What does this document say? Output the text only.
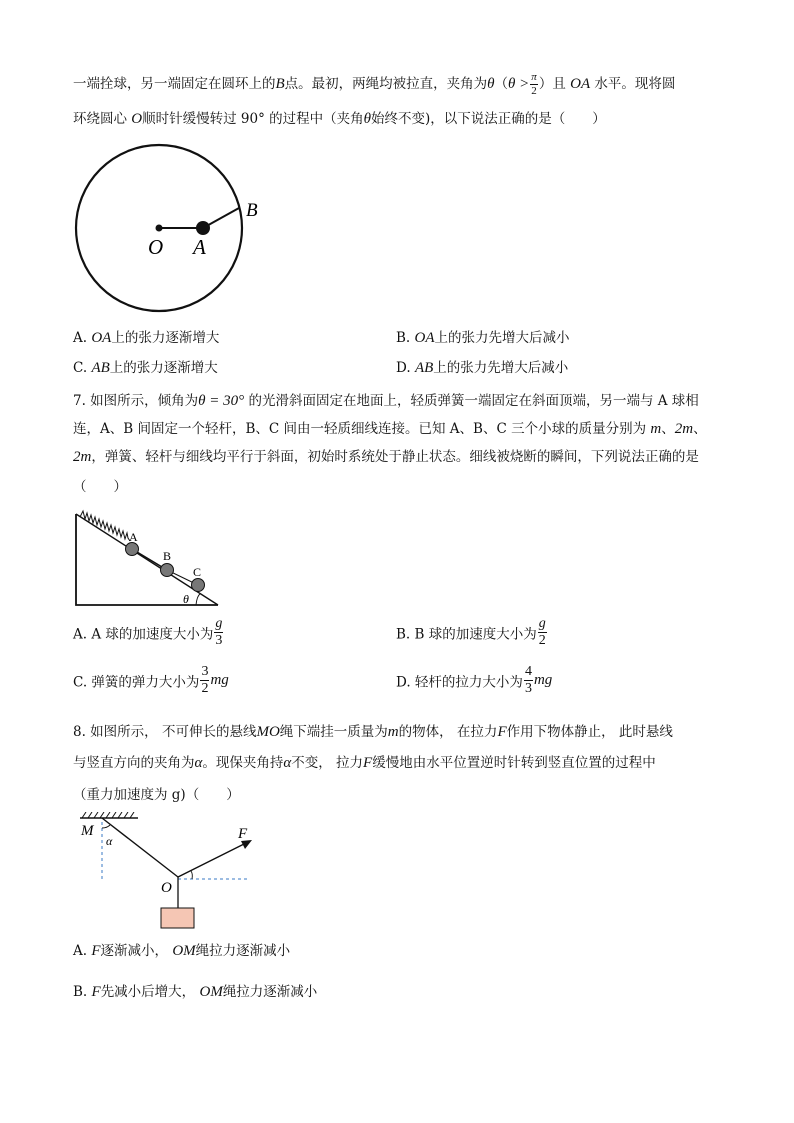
一端拴球，另一端固定在圆环上的B点。最初，两绳均被拉直，夹角为$\theta(\theta > \frac{\pi}{2}$ ）且 OA 水平。现将圆
环绕圆心 O顺时针缓慢转过 90° 的过程中（夹角θ始终不变)，以下说法正确的是（　　）
O A
B
A. OA上的张力逐渐增大	B. OA上的张力先增大后减小
C. AB上的张力逐渐增大	D. AB上的张力先增大后减小
7. 如图所示，倾角为θ = 30° 的光滑斜面固定在地面上，轻质弹簧一端固定在斜面顶端，另一端与 A 球相
连，A、B 间固定一个轻杆，B、C 间由一轻质细线连接。已知 A、B、C 三个小球的质量分别为 m、2m、
2m，弹簧、轻杆与细线均平行于斜面，初始时系统处于静止状态。细线被烧断的瞬间，下列说法正确的是
（　　）
A
B
C
θ
A. A 球的加速度大小为 $\frac{g}{3}$	B. B 球的加速度大小为 $\frac{g}{2}$
C. 弹簧的弹力大小为 $\frac{3}{2}$ mg	D. 轻杆的拉力大小为 $\frac{4}{3}$ mg
8. 如图所示， 不可伸长的悬线MO绳下端挂一质量为m的物体， 在拉力F作用下物体静止， 此时悬线
与竖直方向的夹角为α。现保夹角持α不变， 拉力F缓慢地由水平位置逆时针转到竖直位置的过程中
（重力加速度为 g)（　　）
M
α	F
O
A. F逐渐减小， OM绳拉力逐渐减小
B. F先减小后增大， OM绳拉力逐渐减小
